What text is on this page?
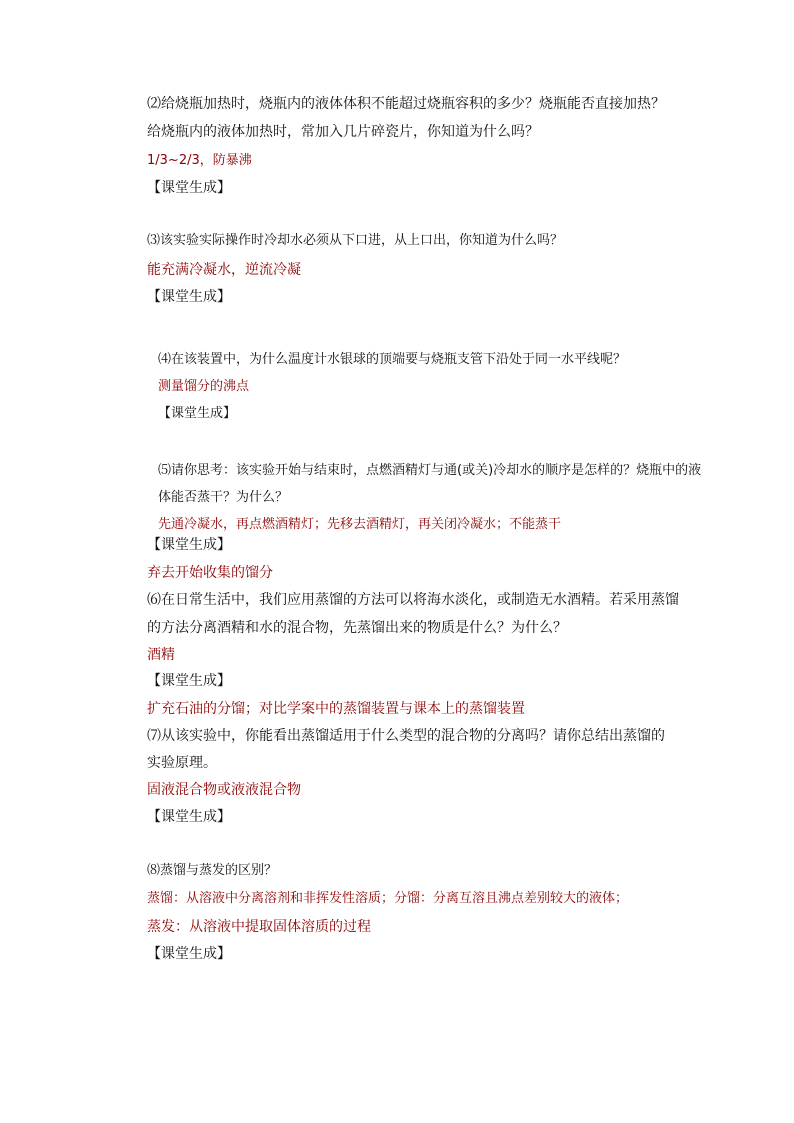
⑵给烧瓶加热时，烧瓶内的液体体积不能超过烧瓶容积的多少？烧瓶能否直接加热？
给烧瓶内的液体加热时，常加入几片碎瓷片，你知道为什么吗？
1/3~2/3，防暴沸
【课堂生成】
⑶该实验实际操作时冷却水必须从下口进，从上口出，你知道为什么吗？
能充满冷凝水，逆流冷凝
【课堂生成】
⑷在该装置中，为什么温度计水银球的顶端要与烧瓶支管下沿处于同一水平线呢？
测量馏分的沸点
【课堂生成】
⑸请你思考：该实验开始与结束时，点燃酒精灯与通(或关)冷却水的顺序是怎样的？烧瓶中的液
体能否蒸干？为什么？
先通冷凝水，再点燃酒精灯；先移去酒精灯，再关闭冷凝水；不能蒸干
【课堂生成】
弃去开始收集的馏分
⑹在日常生活中，我们应用蒸馏的方法可以将海水淡化，或制造无水酒精。若采用蒸馏
的方法分离酒精和水的混合物，先蒸馏出来的物质是什么？为什么？
酒精
【课堂生成】
扩充石油的分馏；对比学案中的蒸馏装置与课本上的蒸馏装置
⑺从该实验中，你能看出蒸馏适用于什么类型的混合物的分离吗？请你总结出蒸馏的
实验原理。
固液混合物或液液混合物
【课堂生成】
⑻蒸馏与蒸发的区别？
蒸馏：从溶液中分离溶剂和非挥发性溶质；分馏：分离互溶且沸点差别较大的液体；
蒸发：从溶液中提取固体溶质的过程
【课堂生成】
